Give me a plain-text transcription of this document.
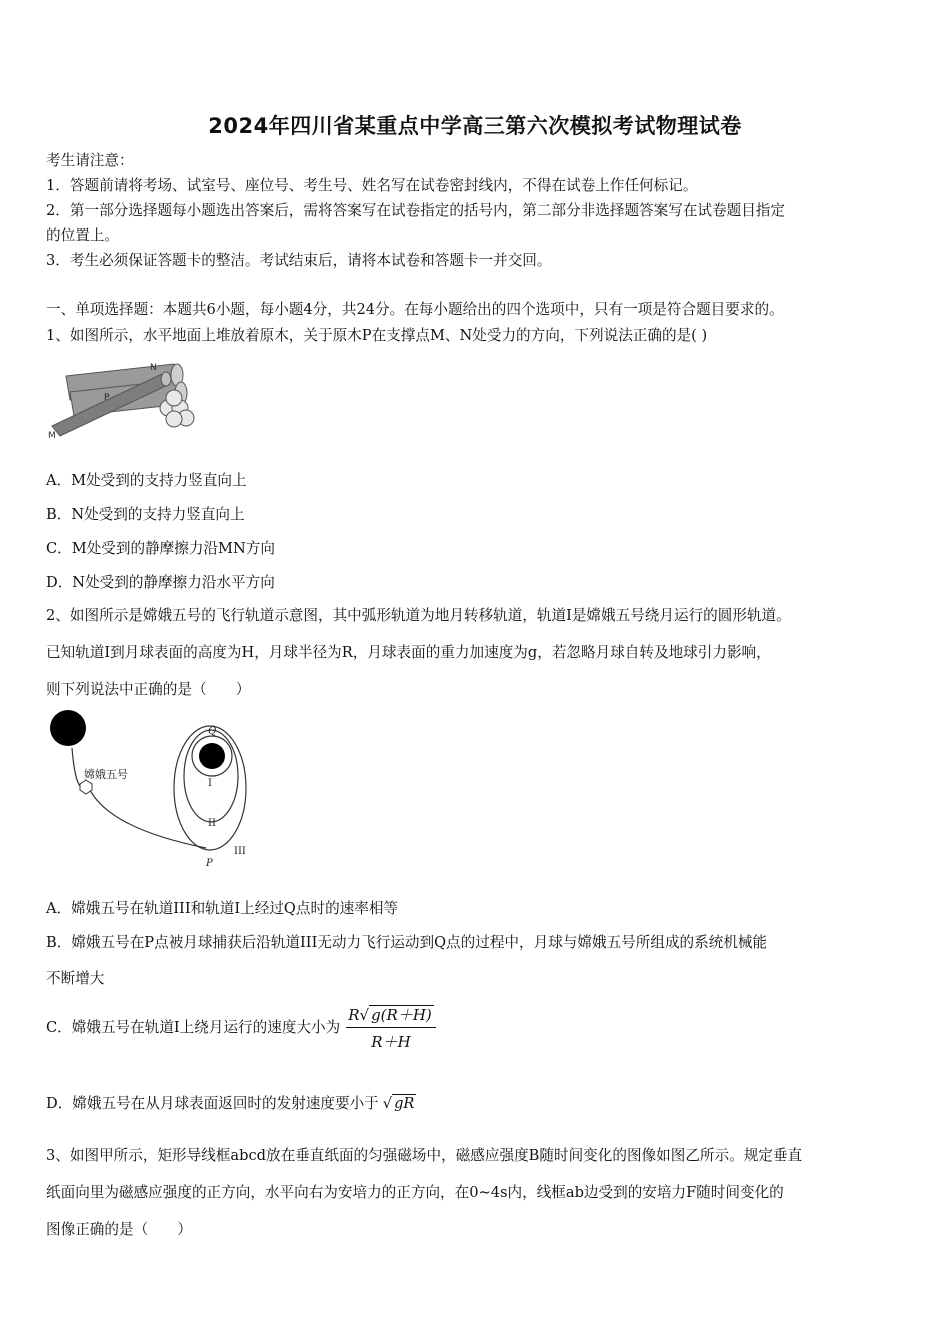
2024年四川省某重点中学高三第六次模拟考试物理试卷
考生请注意：
1．答题前请将考场、试室号、座位号、考生号、姓名写在试卷密封线内，不得在试卷上作任何标记。
2．第一部分选择题每小题选出答案后，需将答案写在试卷指定的括号内，第二部分非选择题答案写在试卷题目指定
的位置上。
3．考生必须保证答题卡的整洁。考试结束后，请将本试卷和答题卡一并交回。
一、单项选择题：本题共6小题，每小题4分，共24分。在每小题给出的四个选项中，只有一项是符合题目要求的。
1、如图所示，水平地面上堆放着原木，关于原木P在支撑点M、N处受力的方向，下列说法正确的是( )
N
P
M
A．M处受到的支持力竖直向上
B．N处受到的支持力竖直向上
C．M处受到的静摩擦力沿MN方向
D．N处受到的静摩擦力沿水平方向
2、如图所示是嫦娥五号的飞行轨道示意图，其中弧形轨道为地月转移轨道，轨道I是嫦娥五号绕月运行的圆形轨道。
已知轨道I到月球表面的高度为H，月球半径为R，月球表面的重力加速度为g，若忽略月球自转及地球引力影响，
则下列说法中正确的是（　　）
嫦娥五号
Q
I
II
III
P
A．嫦娥五号在轨道III和轨道I上经过Q点时的速率相等
B．嫦娥五号在P点被月球捕获后沿轨道III无动力飞行运动到Q点的过程中，月球与嫦娥五号所组成的系统机械能
不断增大
C．嫦娥五号在轨道I上绕月运行的速度大小为 $\frac{R√ g(R+H)}{R+H}$
D．嫦娥五号在从月球表面返回时的发射速度要小于 √ gR
3、如图甲所示，矩形导线框abcd放在垂直纸面的匀强磁场中，磁感应强度B随时间变化的图像如图乙所示。规定垂直
纸面向里为磁感应强度的正方向，水平向右为安培力的正方向，在0~4s内，线框ab边受到的安培力F随时间变化的
图像正确的是（　　）
